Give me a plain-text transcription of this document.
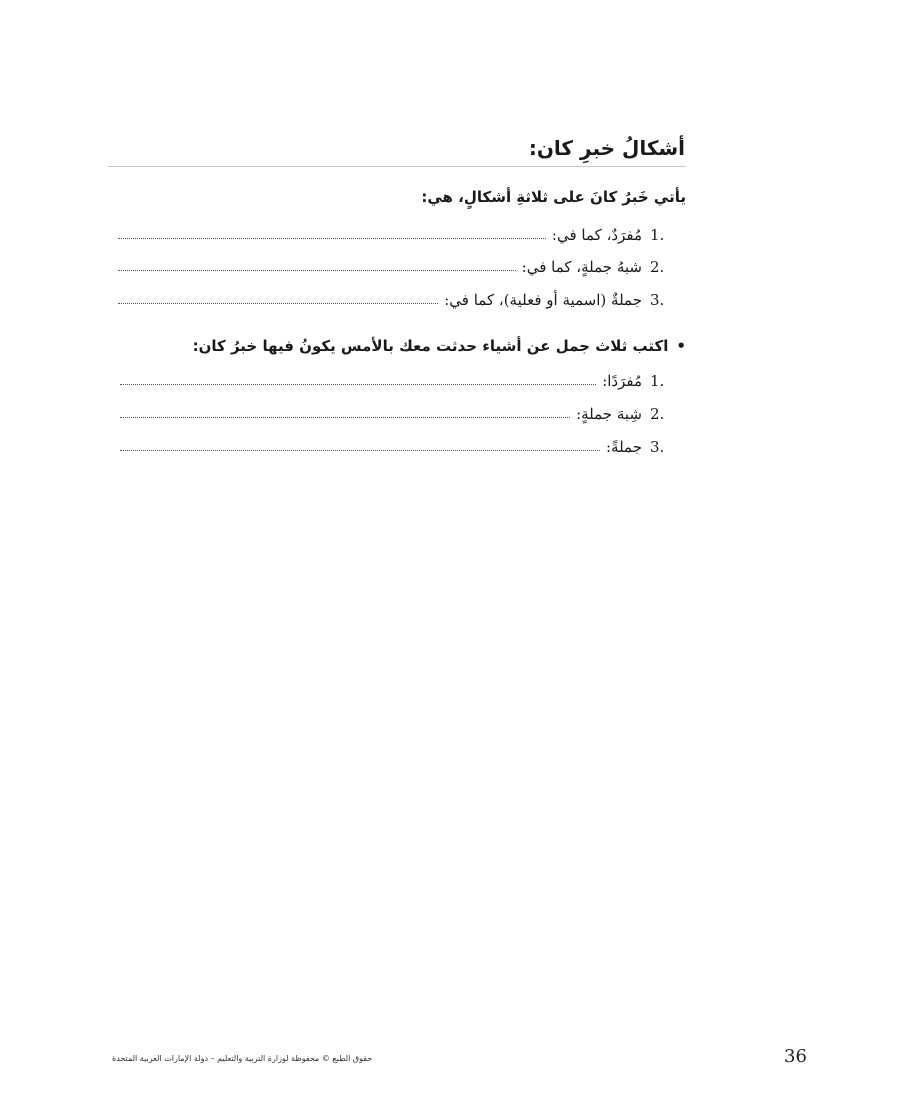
أشكالُ خبرِ كان:
يأتي خَبرُ كانَ على ثلاثةِ أشكالٍ، هي:
1.
مُفرَدٌ، كما في:
2.
شبهُ جملةٍ، كما في:
3.
جملةٌ (اسمية أو فعلية)، كما في:
•اكتب ثلاث جمل عن أشياء حدثت معك بالأمس يكونُ فيها خبرُ كان:
1.
مُفرَدًا:
2.
شِبهَ جملةٍ:
3.
جملةً:
حقوق الطبع © محفوظة لوزارة التربية والتعليم – دولة الإمارات العربية المتحدة	36
